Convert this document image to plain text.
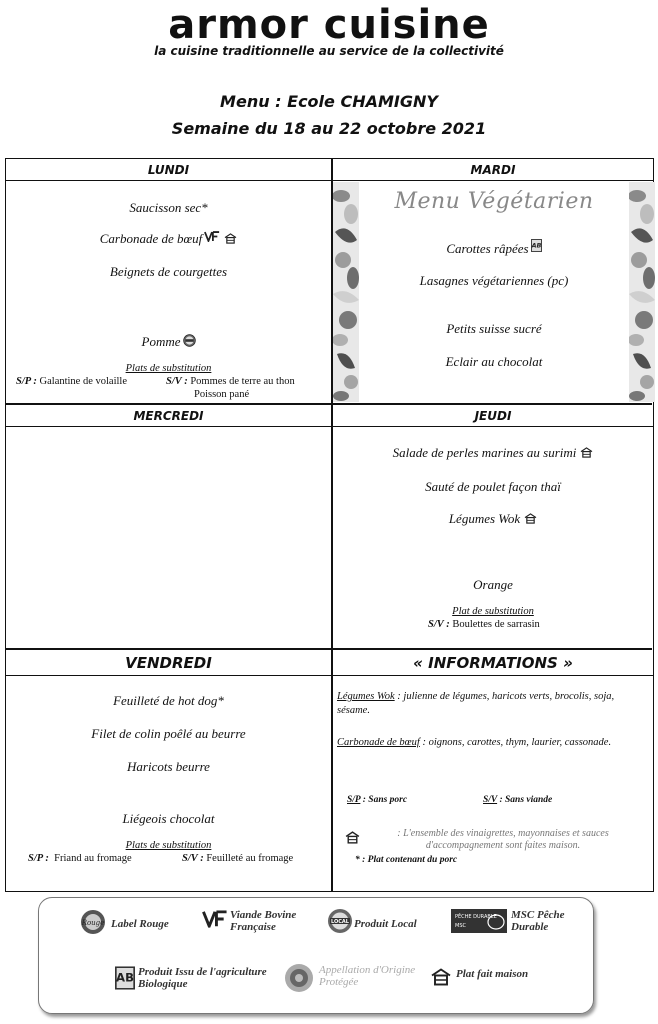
armor cuisine
la cuisine traditionnelle au service de la collectivité
Menu : Ecole CHAMIGNY
Semaine du 18 au 22 octobre 2021
LUNDI
Saucisson sec*
Carbonade de bœuf
Beignets de courgettes
Pomme
Plats de substitution
S/P : Galantine de volaille	S/V : Pommes de terre au thon
Poisson pané
MARDI
Menu Végétarien
Carottes râpées
Lasagnes végétariennes (pc)
Petits suisse sucré
Eclair au chocolat
MERCREDI	JEUDI
Salade de perles marines au surimi
Sauté de poulet façon thaï
Légumes Wok
Orange
Plat de substitution
S/V : Boulettes de sarrasin
VENDREDI
Feuilleté de hot dog*
Filet de colin poêlé au beurre
Haricots beurre
Liégeois chocolat
Plats de substitution
S/P : Friand au fromage	S/V : Feuilleté au fromage
« INFORMATIONS »
Légumes Wok : julienne de légumes, haricots verts, brocolis, soja, sésame.
Carbonade de bœuf : oignons, carottes, thym, laurier, cassonade.
S/P : Sans porc	S/V : Sans viande
: L'ensemble des vinaigrettes, mayonnaises et sauces d'accompagnement sont faites maison.
* : Plat contenant du porc
Rouge Label Rouge
Viande Bovine Française	LOCAL Produit Local
PÊCHE DURABLE
MSC
MSC Pêche Durable
Produit Issu de l'agriculture Biologique
Appellation d'Origine Protégée
Plat fait maison
